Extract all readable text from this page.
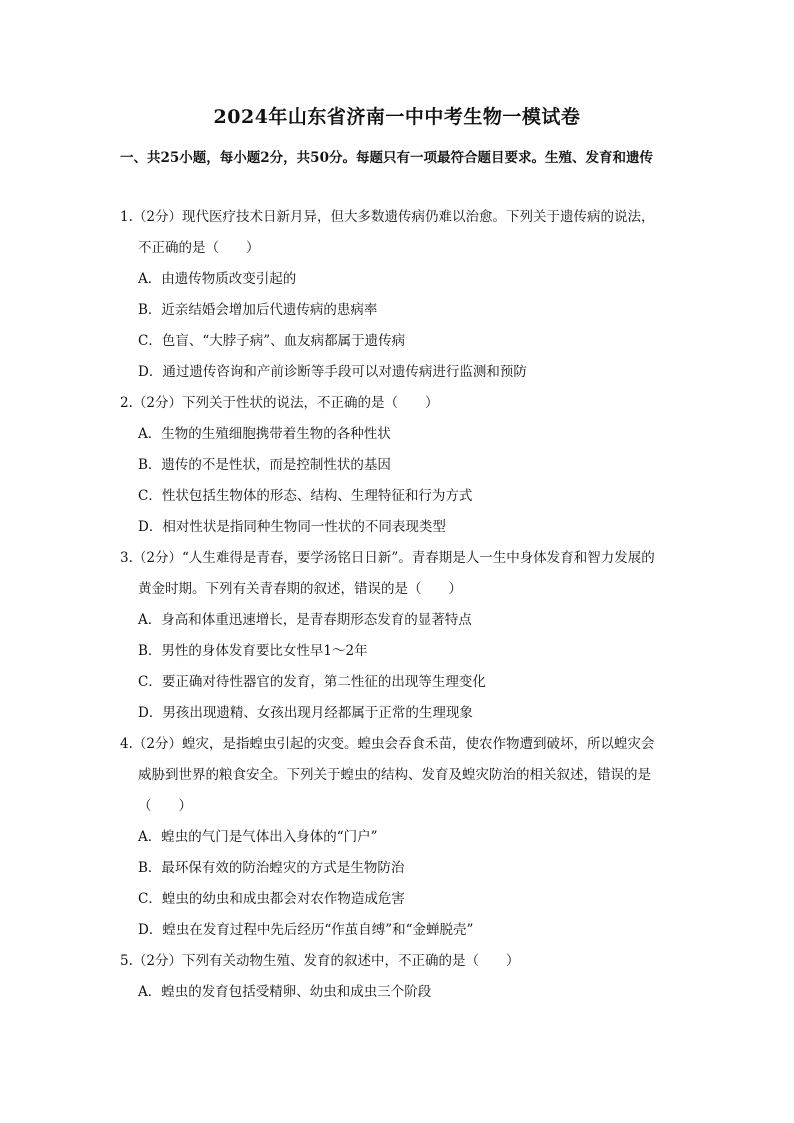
2024年山东省济南一中中考生物一模试卷
一、共25小题，每小题2分，共50分。每题只有一项最符合题目要求。生殖、发育和遗传
1.（2分）现代医疗技术日新月异，但大多数遗传病仍难以治愈。下列关于遗传病的说法，
不正确的是（　　）
A．由遗传物质改变引起的
B．近亲结婚会增加后代遗传病的患病率
C．色盲、“大脖子病”、血友病都属于遗传病
D．通过遗传咨询和产前诊断等手段可以对遗传病进行监测和预防
2.（2分）下列关于性状的说法，不正确的是（　　）
A．生物的生殖细胞携带着生物的各种性状
B．遗传的不是性状，而是控制性状的基因
C．性状包括生物体的形态、结构、生理特征和行为方式
D．相对性状是指同种生物同一性状的不同表现类型
3.（2分）“人生难得是青春，要学汤铭日日新”。青春期是人一生中身体发育和智力发展的
黄金时期。下列有关青春期的叙述，错误的是（　　）
A．身高和体重迅速增长，是青春期形态发育的显著特点
B．男性的身体发育要比女性早1～2年
C．要正确对待性器官的发育，第二性征的出现等生理变化
D．男孩出现遗精、女孩出现月经都属于正常的生理现象
4.（2分）蝗灾，是指蝗虫引起的灾变。蝗虫会吞食禾苗，使农作物遭到破坏，所以蝗灾会
威胁到世界的粮食安全。下列关于蝗虫的结构、发育及蝗灾防治的相关叙述，错误的是
（　　）
A．蝗虫的气门是气体出入身体的“门户”
B．最环保有效的防治蝗灾的方式是生物防治
C．蝗虫的幼虫和成虫都会对农作物造成危害
D．蝗虫在发育过程中先后经历“作茧自缚”和“金蝉脱壳”
5.（2分）下列有关动物生殖、发育的叙述中，不正确的是（　　）
A．蝗虫的发育包括受精卵、幼虫和成虫三个阶段
